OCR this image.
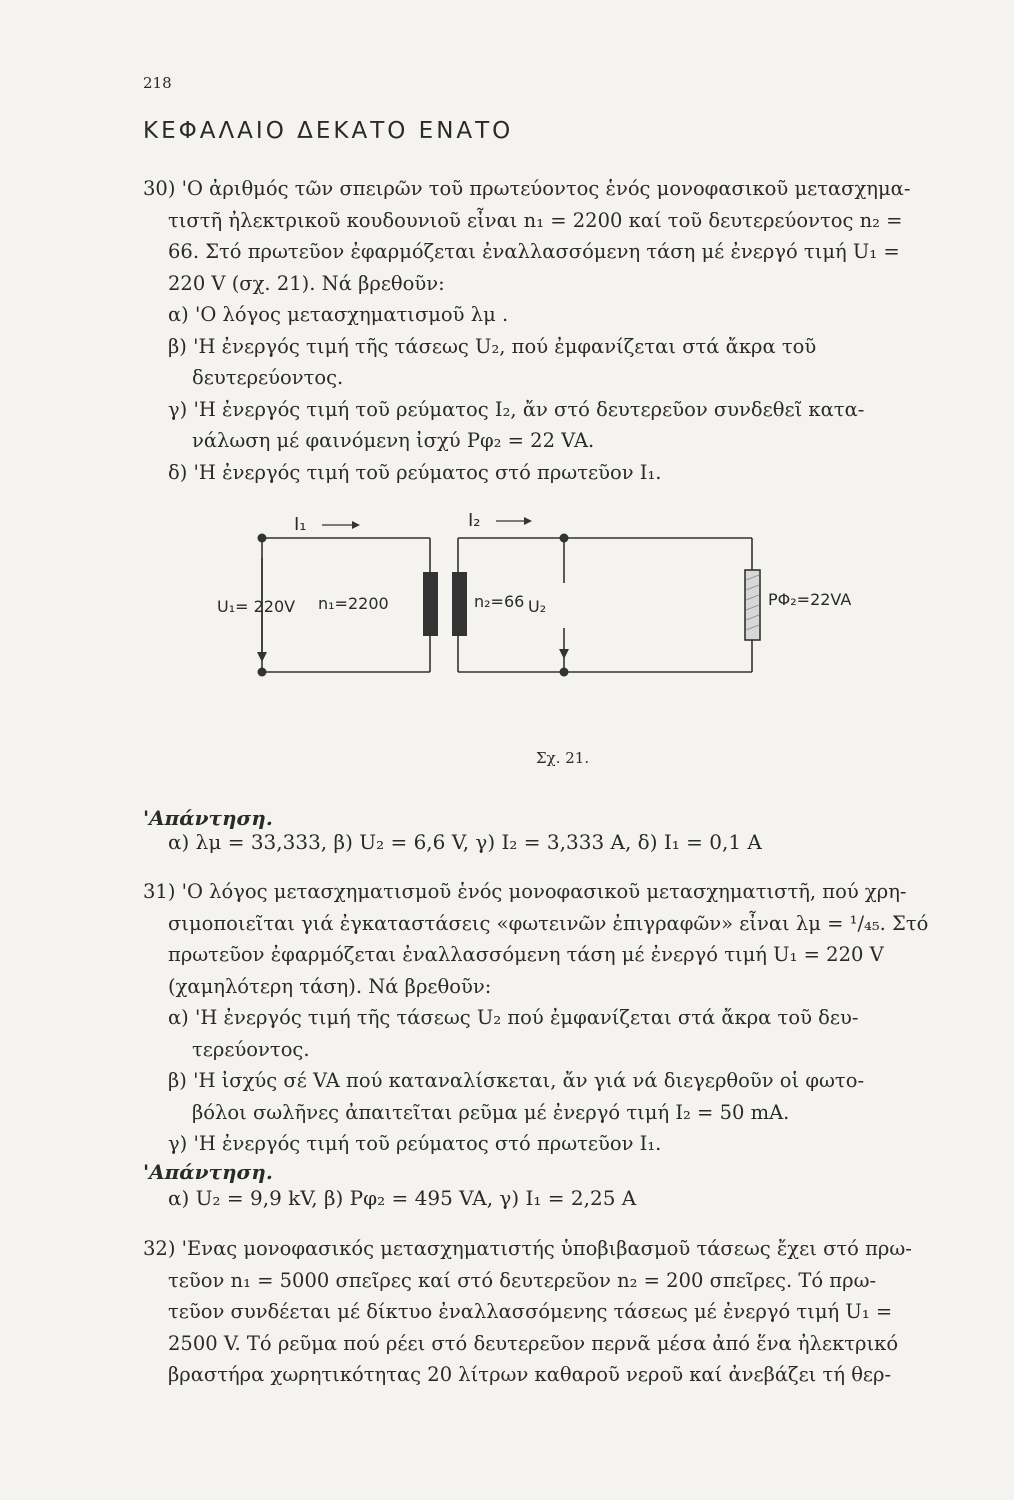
218
ΚΕΦΑΛΑΙΟ ΔΕΚΑΤΟ ΕΝΑΤΟ
30) 'Ο ἀριθμός τῶν σπειρῶν τοῦ πρωτεύοντος ἑνός μονοφασικοῦ μετασχημα-
τιστῆ ἠλεκτρικοῦ κουδουνιοῦ εἶναι n₁ = 2200 καί τοῦ δευτερεύοντος n₂ =
66. Στό πρωτεῦον ἐφαρμόζεται ἐναλλασσόμενη τάση μέ ἐνεργό τιμή U₁ =
220 V (σχ. 21). Νά βρεθοῦν:
α) 'Ο λόγος μετασχηματισμοῦ λμ .
β) 'Η ἐνεργός τιμή τῆς τάσεως U₂, πού ἐμφανίζεται στά ἄκρα τοῦ
δευτερεύοντος.
γ) 'Η ἐνεργός τιμή τοῦ ρεύματος I₂, ἄν στό δευτερεῦον συνδεθεῖ κατα-
νάλωση μέ φαινόμενη ἰσχύ Pφ₂ = 22 VA.
δ) 'Η ἐνεργός τιμή τοῦ ρεύματος στό πρωτεῦον I₁.
I₁	I₂
U₁= 220V n₁=2200	n₂=66 U₂	PΦ₂=22VA
Σχ. 21.
'Απάντηση.
α) λμ = 33,333, β) U₂ = 6,6 V, γ) I₂ = 3,333 A, δ) I₁ = 0,1 A
31) 'Ο λόγος μετασχηματισμοῦ ἑνός μονοφασικοῦ μετασχηματιστῆ, πού χρη-
σιμοποιεῖται γιά ἐγκαταστάσεις «φωτεινῶν ἐπιγραφῶν» εἶναι λμ = ¹/₄₅. Στό
πρωτεῦον ἐφαρμόζεται ἐναλλασσόμενη τάση μέ ἐνεργό τιμή U₁ = 220 V
(χαμηλότερη τάση). Νά βρεθοῦν:
α) 'Η ἐνεργός τιμή τῆς τάσεως U₂ πού ἐμφανίζεται στά ἄκρα τοῦ δευ-
τερεύοντος.
β) 'Η ἰσχύς σέ VA πού καταναλίσκεται, ἄν γιά νά διεγερθοῦν οἱ φωτο-
βόλοι σωλῆνες ἀπαιτεῖται ρεῦμα μέ ἐνεργό τιμή I₂ = 50 mA.
γ) 'Η ἐνεργός τιμή τοῦ ρεύματος στό πρωτεῦον I₁.
'Απάντηση.
α) U₂ = 9,9 kV, β) Pφ₂ = 495 VA, γ) I₁ = 2,25 A
32) 'Ενας μονοφασικός μετασχηματιστής ὑποβιβασμοῦ τάσεως ἔχει στό πρω-
τεῦον n₁ = 5000 σπεῖρες καί στό δευτερεῦον n₂ = 200 σπεῖρες. Τό πρω-
τεῦον συνδέεται μέ δίκτυο ἐναλλασσόμενης τάσεως μέ ἐνεργό τιμή U₁ =
2500 V. Τό ρεῦμα πού ρέει στό δευτερεῦον περνᾶ μέσα ἀπό ἕνα ἠλεκτρικό
βραστήρα χωρητικότητας 20 λίτρων καθαροῦ νεροῦ καί ἀνεβάζει τή θερ-
